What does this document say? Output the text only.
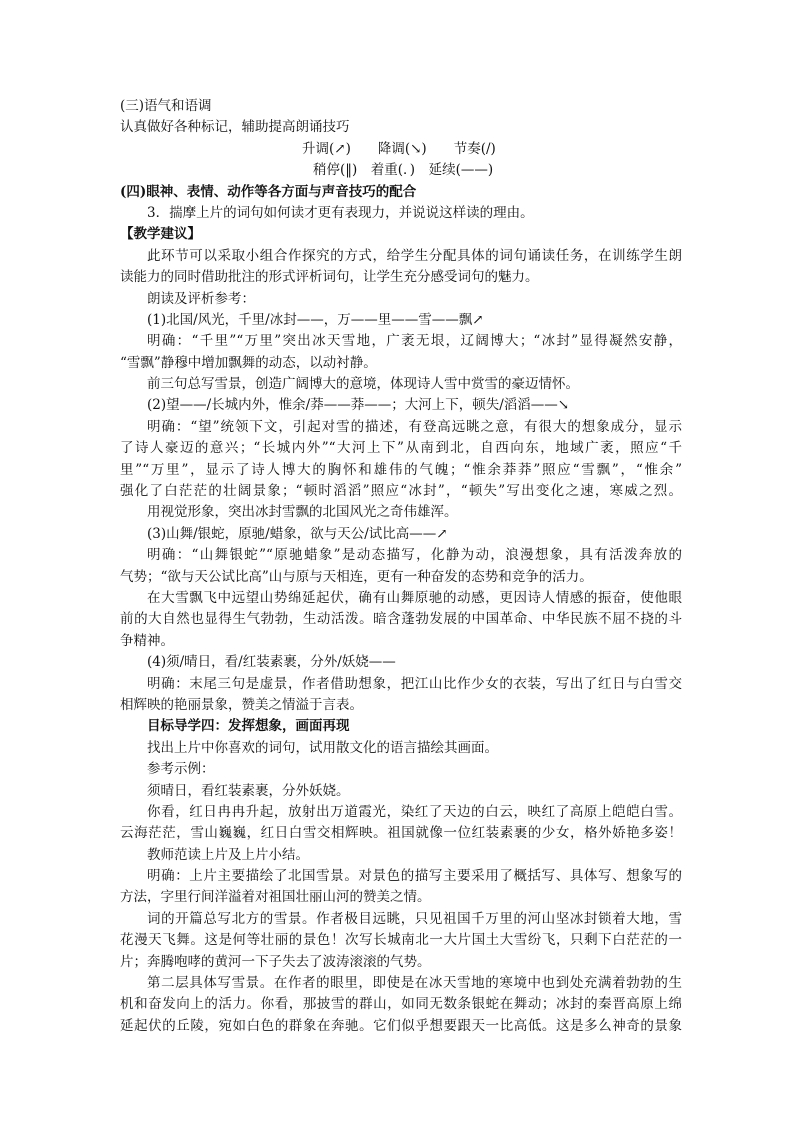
(三)语气和语调
认真做好各种标记，辅助提高朗诵技巧
升调(↗)　　降调(↘)　　节奏(/)
稍停(‖)　着重(．)　延续(——)
(四)眼神、表情、动作等各方面与声音技巧的配合
3．揣摩上片的词句如何读才更有表现力，并说说这样读的理由。
【教学建议】
此环节可以采取小组合作探究的方式，给学生分配具体的词句诵读任务，在训练学生朗
读能力的同时借助批注的形式评析词句，让学生充分感受词句的魅力。
朗读及评析参考：
(1)北国/风光，千里/冰封——，万——里——雪——飘↗
明确：“千里”“万里”突出冰天雪地，广袤无垠，辽阔博大；“冰封”显得凝然安静，
“雪飘”静穆中增加飘舞的动态，以动衬静。
前三句总写雪景，创造广阔博大的意境，体现诗人雪中赏雪的豪迈情怀。
(2)望——/长城内外，惟余/莽——莽——；大河上下，顿失/滔滔——↘
明确：“望”统领下文，引起对雪的描述，有登高远眺之意，有很大的想象成分，显示
了诗人豪迈的意兴；“长城内外”“大河上下”从南到北，自西向东，地域广袤，照应“千
里”“万里”，显示了诗人博大的胸怀和雄伟的气魄；“惟余莽莽”照应“雪飘”，“惟余”
强化了白茫茫的壮阔景象；“顿时滔滔”照应“冰封”，“顿失”写出变化之速，寒威之烈。
用视觉形象，突出冰封雪飘的北国风光之奇伟雄浑。
(3)山舞/银蛇，原驰/蜡象，欲与天公/试比高——↗
明确：“山舞银蛇”“原驰蜡象”是动态描写，化静为动，浪漫想象，具有活泼奔放的
气势；“欲与天公试比高”山与原与天相连，更有一种奋发的态势和竞争的活力。
在大雪飘飞中远望山势绵延起伏，确有山舞原驰的动感，更因诗人情感的振奋，使他眼
前的大自然也显得生气勃勃，生动活泼。暗含蓬勃发展的中国革命、中华民族不屈不挠的斗
争精神。
(4)须/晴日，看/红装素裹，分外/妖娆——
明确：末尾三句是虚景，作者借助想象，把江山比作少女的衣装，写出了红日与白雪交
相辉映的艳丽景象，赞美之情溢于言表。
目标导学四：发挥想象，画面再现
找出上片中你喜欢的词句，试用散文化的语言描绘其画面。
参考示例：
须晴日，看红装素裹，分外妖娆。
你看，红日冉冉升起，放射出万道霞光，染红了天边的白云，映红了高原上皑皑白雪。
云海茫茫，雪山巍巍，红日白雪交相辉映。祖国就像一位红装素裹的少女，格外娇艳多姿！
教师范读上片及上片小结。
明确：上片主要描绘了北国雪景。对景色的描写主要采用了概括写、具体写、想象写的
方法，字里行间洋溢着对祖国壮丽山河的赞美之情。
词的开篇总写北方的雪景。作者极目远眺，只见祖国千万里的河山坚冰封锁着大地，雪
花漫天飞舞。这是何等壮丽的景色！次写长城南北一大片国土大雪纷飞，只剩下白茫茫的一
片；奔腾咆哮的黄河一下子失去了波涛滚滚的气势。
第二层具体写雪景。在作者的眼里，即使是在冰天雪地的寒境中也到处充满着勃勃的生
机和奋发向上的活力。你看，那披雪的群山，如同无数条银蛇在舞动；冰封的秦晋高原上绵
延起伏的丘陵，宛如白色的群象在奔驰。它们似乎想要跟天一比高低。这是多么神奇的景象
